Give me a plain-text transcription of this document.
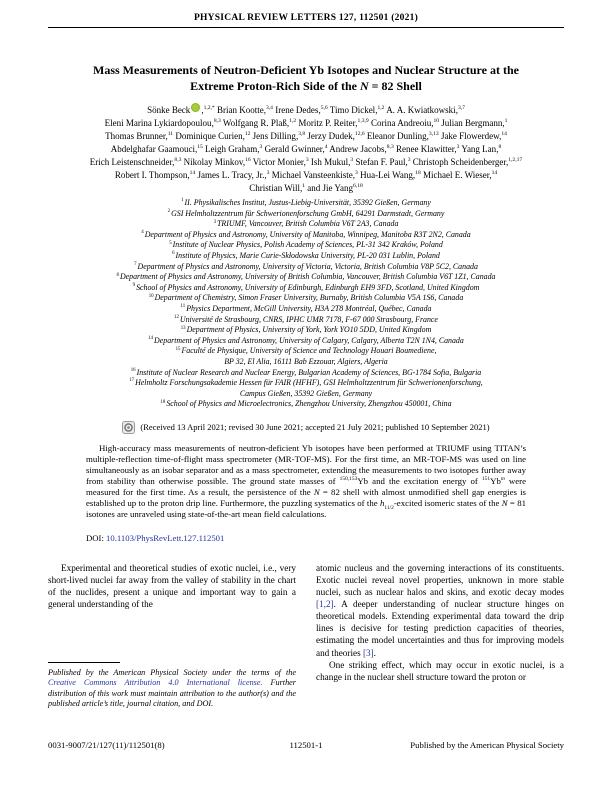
PHYSICAL REVIEW LETTERS 127, 112501 (2021)
Mass Measurements of Neutron-Deficient Yb Isotopes and Nuclear Structure at the
Extreme Proton-Rich Side of the N = 82 Shell
Sönke Beck ,$^{1,2,*}$ Brian Kootte,$^{3,4}$ Irene Dedes,$^{5,6}$ Timo Dickel,$^{1,2}$ A. A. Kwiatkowski,$^{3,7}$
Eleni Marina Lykiardopoulou,$^{8,3}$ Wolfgang R. Plaß,$^{1,2}$ Moritz P. Reiter,$^{1,3,9}$ Corina Andreoiu,$^{10}$ Julian Bergmann,$^1$
Thomas Brunner,$^{11}$ Dominique Curien,$^{12}$ Jens Dilling,$^{3,8}$ Jerzy Dudek,$^{12,6}$ Eleanor Dunling,$^{3,13}$ Jake Flowerdew,$^{14}$
Abdelghafar Gaamouci,$^{15}$ Leigh Graham,$^3$ Gerald Gwinner,$^4$ Andrew Jacobs,$^{8,3}$ Renee Klawitter,$^3$ Yang Lan,$^8$
Erich Leistenschneider,$^{8,3}$ Nikolay Minkov,$^{16}$ Victor Monier,$^3$ Ish Mukul,$^3$ Stefan F. Paul,$^3$ Christoph Scheidenberger,$^{1,2,17}$
Robert I. Thompson,$^{14}$ James L. Tracy, Jr.,$^3$ Michael Vansteenkiste,$^3$ Hua-Lei Wang,$^{18}$ Michael E. Wieser,$^{14}$
Christian Will,$^1$ and Jie Yang$^{6,18}$
$^1$II. Physikalisches Institut, Justus-Liebig-Universität, 35392 Gießen, Germany
$^2$GSI Helmholtzzentrum für Schwerionenforschung GmbH, 64291 Darmstadt, Germany
$^3$TRIUMF, Vancouver, British Columbia V6T 2A3, Canada
$^4$Department of Physics and Astronomy, University of Manitoba, Winnipeg, Manitoba R3T 2N2, Canada
$^5$Institute of Nuclear Physics, Polish Academy of Sciences, PL-31 342 Kraków, Poland
$^6$Institute of Physics, Marie Curie-Skłodowska University, PL-20 031 Lublin, Poland
$^7$Department of Physics and Astronomy, University of Victoria, Victoria, British Columbia V8P 5C2, Canada
$^8$Department of Physics and Astronomy, University of British Columbia, Vancouver, British Columbia V6T 1Z1, Canada
$^9$School of Physics and Astronomy, University of Edinburgh, Edinburgh EH9 3FD, Scotland, United Kingdom
$^{10}$Department of Chemistry, Simon Fraser University, Burnaby, British Columbia V5A 1S6, Canada
$^{11}$Physics Department, McGill University, H3A 2T8 Montréal, Québec, Canada
$^{12}$Université de Strasbourg, CNRS, IPHC UMR 7178, F-67 000 Strasbourg, France
$^{13}$Department of Physics, University of York, York YO10 5DD, United Kingdom
$^{14}$Department of Physics and Astronomy, University of Calgary, Calgary, Alberta T2N 1N4, Canada
$^{15}$Faculté de Physique, University of Science and Technology Houari Boumediene,
BP 32, El Alia, 16111 Bab Ezzouar, Algiers, Algeria
$^{16}$Institute of Nuclear Research and Nuclear Energy, Bulgarian Academy of Sciences, BG-1784 Sofia, Bulgaria
$^{17}$Helmholtz Forschungsakademie Hessen für FAIR (HFHF), GSI Helmholtzzentrum für Schwerionenforschung,
Campus Gießen, 35392 Gießen, Germany
$^{18}$School of Physics and Microelectronics, Zhengzhou University, Zhengzhou 450001, China
(Received 13 April 2021; revised 30 June 2021; accepted 21 July 2021; published 10 September 2021)
High-accuracy mass measurements of neutron-deficient Yb isotopes have been performed at TRIUMF using TITAN’s multiple-reflection time-of-flight mass spectrometer (MR-TOF-MS). For the first time, an MR-TOF-MS was used on line simultaneously as an isobar separator and as a mass spectrometer, extending the measurements to two isotopes further away from stability than otherwise possible. The ground state masses of $^{150,153}$Yb and the excitation energy of $^{151}$Yb$^m$ were measured for the first time. As a result, the persistence of the N = 82 shell with almost unmodified shell gap energies is established up to the proton drip line. Furthermore, the puzzling systematics of the $h_{11/2}$-excited isomeric states of the N = 81 isotones are unraveled using state-of-the-art mean field calculations.
DOI: 10.1103/PhysRevLett.127.112501
Experimental and theoretical studies of exotic nuclei, i.e., very short-lived nuclei far away from the valley of stability in the chart of the nuclides, present a unique and important way to gain a general understanding of the
Published by the American Physical Society under the terms of the Creative Commons Attribution 4.0 International license. Further distribution of this work must maintain attribution to the author(s) and the published article’s title, journal citation, and DOI.
atomic nucleus and the governing interactions of its constituents. Exotic nuclei reveal novel properties, unknown in more stable nuclei, such as nuclear halos and skins, and exotic decay modes [1,2]. A deeper understanding of nuclear structure hinges on theoretical models. Extending experimental data toward the drip lines is decisive for testing prediction capacities of theories, estimating the model uncertainties and thus for improving models and theories [3].
One striking effect, which may occur in exotic nuclei, is a change in the nuclear shell structure toward the proton or
112501-1
0031-9007/21/127(11)/112501(8)	Published by the American Physical Society
